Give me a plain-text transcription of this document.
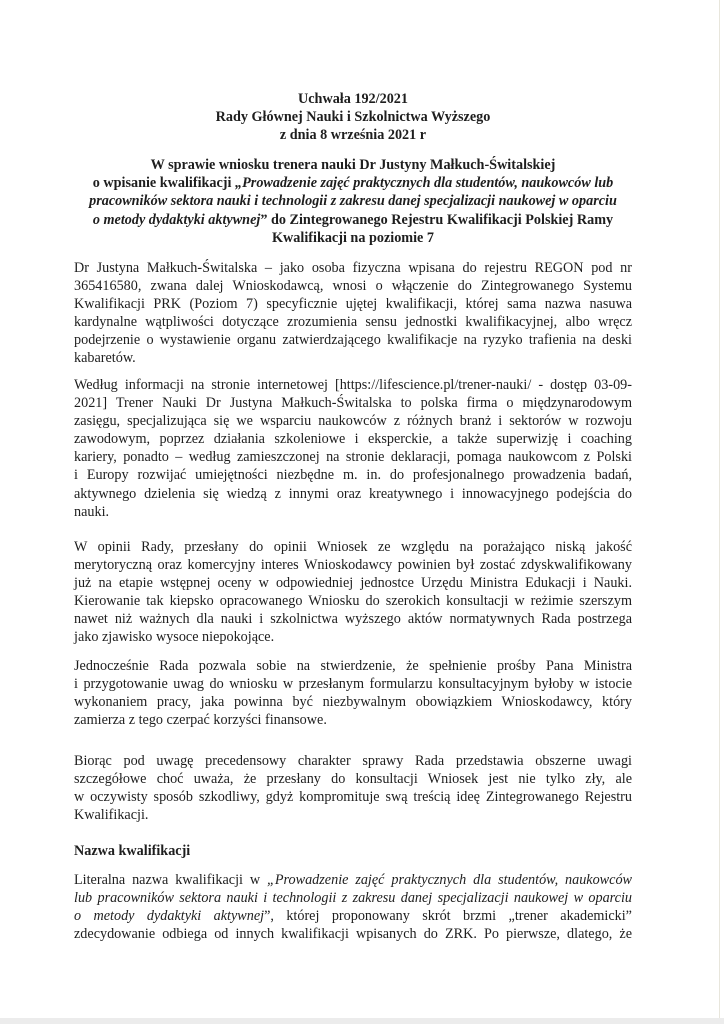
Uchwała 192/2021
Rady Głównej Nauki i Szkolnictwa Wyższego
z dnia 8 września 2021 r
W sprawie wniosku trenera nauki Dr Justyny Małkuch-Świtalskiej
o wpisanie kwalifikacji „Prowadzenie zajęć praktycznych dla studentów, naukowców lub
pracowników sektora nauki i technologii z zakresu danej specjalizacji naukowej w oparciu
o metody dydaktyki aktywnej” do Zintegrowanego Rejestru Kwalifikacji Polskiej Ramy
Kwalifikacji na poziomie 7
Dr Justyna Małkuch-Świtalska – jako osoba fizyczna wpisana do rejestru REGON pod nr
365416580, zwana dalej Wnioskodawcą, wnosi o włączenie do Zintegrowanego Systemu
Kwalifikacji PRK (Poziom 7) specyficznie ujętej kwalifikacji, której sama nazwa nasuwa
kardynalne wątpliwości dotyczące zrozumienia sensu jednostki kwalifikacyjnej, albo wręcz
podejrzenie o wystawienie organu zatwierdzającego kwalifikacje na ryzyko trafienia na deski
kabaretów.
Według informacji na stronie internetowej [https://lifescience.pl/trener-nauki/ - dostęp 03-09-
2021] Trener Nauki Dr Justyna Małkuch-Świtalska to polska firma o międzynarodowym
zasięgu, specjalizująca się we wsparciu naukowców z różnych branż i sektorów w rozwoju
zawodowym, poprzez działania szkoleniowe i eksperckie, a także superwizję i coaching
kariery, ponadto – według zamieszczonej na stronie deklaracji, pomaga naukowcom z Polski
i Europy rozwijać umiejętności niezbędne m. in. do profesjonalnego prowadzenia badań,
aktywnego dzielenia się wiedzą z innymi oraz kreatywnego i innowacyjnego podejścia do
nauki.
W opinii Rady, przesłany do opinii Wniosek ze względu na porażająco niską jakość
merytoryczną oraz komercyjny interes Wnioskodawcy powinien był zostać zdyskwalifikowany
już na etapie wstępnej oceny w odpowiedniej jednostce Urzędu Ministra Edukacji i Nauki.
Kierowanie tak kiepsko opracowanego Wniosku do szerokich konsultacji w reżimie szerszym
nawet niż ważnych dla nauki i szkolnictwa wyższego aktów normatywnych Rada postrzega
jako zjawisko wysoce niepokojące.
Jednocześnie Rada pozwala sobie na stwierdzenie, że spełnienie prośby Pana Ministra
i przygotowanie uwag do wniosku w przesłanym formularzu konsultacyjnym byłoby w istocie
wykonaniem pracy, jaka powinna być niezbywalnym obowiązkiem Wnioskodawcy, który
zamierza z tego czerpać korzyści finansowe.
Biorąc pod uwagę precedensowy charakter sprawy Rada przedstawia obszerne uwagi
szczegółowe choć uważa, że przesłany do konsultacji Wniosek jest nie tylko zły, ale
w oczywisty sposób szkodliwy, gdyż kompromituje swą treścią ideę Zintegrowanego Rejestru
Kwalifikacji.
Nazwa kwalifikacji
Literalna nazwa kwalifikacji w „Prowadzenie zajęć praktycznych dla studentów, naukowców
lub pracowników sektora nauki i technologii z zakresu danej specjalizacji naukowej w oparciu
o metody dydaktyki aktywnej”, której proponowany skrót brzmi „trener akademicki”
zdecydowanie odbiega od innych kwalifikacji wpisanych do ZRK. Po pierwsze, dlatego, że
